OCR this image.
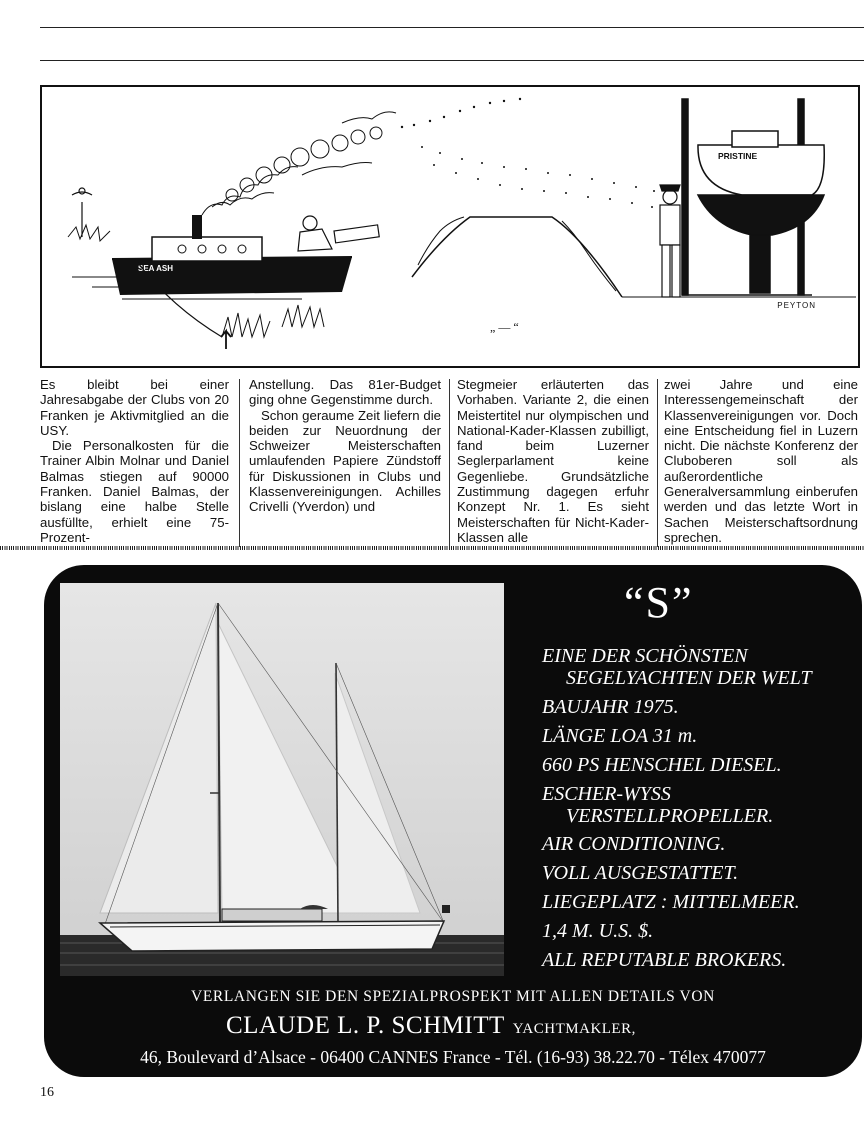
SEA ASH
PRISTINE
PEYTON
„ — “

Es bleibt bei einer Jahresabgabe der Clubs von 20 Franken je Aktivmitglied an die USY.

Die Personalkosten für die Trainer Albin Molnar und Daniel Balmas stiegen auf 90000 Franken. Daniel Balmas, der bislang eine halbe Stelle ausfüllte, erhielt eine 75-Prozent-

Anstellung. Das 81er-Budget ging ohne Gegenstimme durch.

Schon geraume Zeit liefern die beiden zur Neuordnung der Schweizer Meisterschaften umlaufenden Papiere Zündstoff für Diskussionen in Clubs und Klassenvereinigungen. Achilles Crivelli (Yverdon) und

Stegmeier erläuterten das Vorhaben. Variante 2, die einen Meistertitel nur olympischen und National-Kader-Klassen zubilligt, fand beim Luzerner Seglerparlament keine Gegenliebe. Grundsätzliche Zustimmung dagegen erfuhr Konzept Nr. 1. Es sieht Meisterschaften für Nicht-Kader-Klassen alle

zwei Jahre und eine Interessengemeinschaft der Klassenvereinigungen vor. Doch eine Entscheidung fiel in Luzern nicht. Die nächste Konferenz der Cluboberen soll als außerordentliche Generalversammlung einberufen werden und das letzte Wort in Sachen Meisterschaftsordnung sprechen.

“S”
EINE DER SCHÖNSTEN
SEGELYACHTEN DER WELT
BAUJAHR 1975.
LÄNGE LOA 31 m.
660 PS HENSCHEL DIESEL.
ESCHER-WYSS
VERSTELLPROPELLER.
AIR CONDITIONING.
VOLL AUSGESTATTET.
LIEGEPLATZ : MITTELMEER.
1,4 M. U.S. $.
ALL REPUTABLE BROKERS.
VERLANGEN SIE DEN SPEZIALPROSPEKT MIT ALLEN DETAILS VON
CLAUDE L. P. SCHMITT YACHTMAKLER,
46, Boulevard d’Alsace - 06400 CANNES France - Tél. (16-93) 38.22.70 - Télex 470077
16
